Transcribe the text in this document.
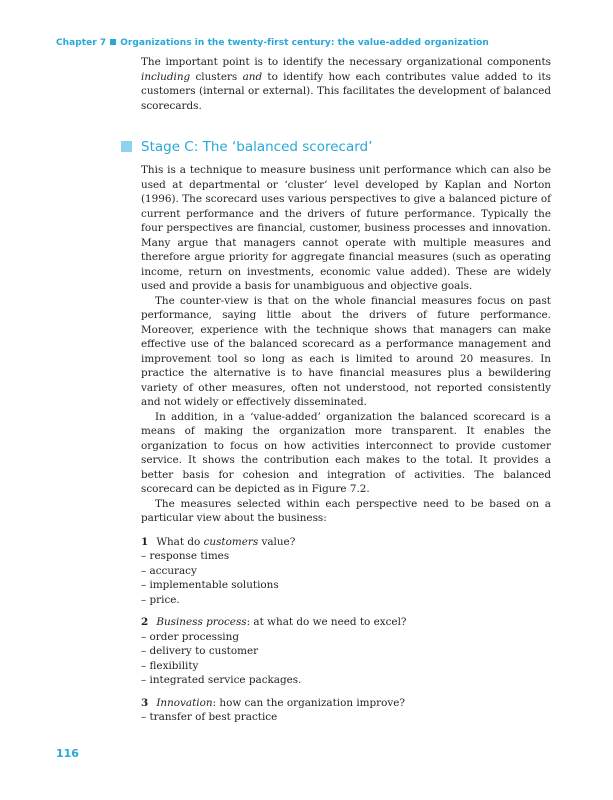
Chapter 7 Organizations in the twenty-first century: the value-added organization

The important point is to identify the necessary organizational components including clusters and to identify how each contributes value added to its customers (internal or external). This facilitates the development of balanced scorecards.

Stage C: The ‘balanced scorecard’

This is a technique to measure business unit performance which can also be used at departmental or ‘cluster’ level developed by Kaplan and Norton (1996). The scorecard uses various perspectives to give a balanced picture of current performance and the drivers of future performance. Typically the four perspectives are financial, customer, business processes and innovation. Many argue that managers cannot operate with multiple measures and therefore argue priority for aggregate financial measures (such as operating income, return on investments, economic value added). These are widely used and provide a basis for unambiguous and objective goals.

The counter-view is that on the whole financial measures focus on past performance, saying little about the drivers of future performance. Moreover, experience with the technique shows that managers can make effective use of the balanced scorecard as a performance management and improvement tool so long as each is limited to around 20 measures. In practice the alternative is to have financial measures plus a bewildering variety of other measures, often not understood, not reported consistently and not widely or effectively disseminated.

In addition, in a ‘value-added’ organization the balanced scorecard is a means of making the organization more transparent. It enables the organization to focus on how activities interconnect to provide customer service. It shows the contribution each makes to the total. It provides a better basis for cohesion and integration of activities. The balanced scorecard can be depicted as in Figure 7.2.

The measures selected within each perspective need to be based on a particular view about the business:

1 What do customers value?
– response times
– accuracy
– implementable solutions
– price.
2 Business process: at what do we need to excel?
– order processing
– delivery to customer
– flexibility
– integrated service packages.
3 Innovation: how can the organization improve?
– transfer of best practice
116
